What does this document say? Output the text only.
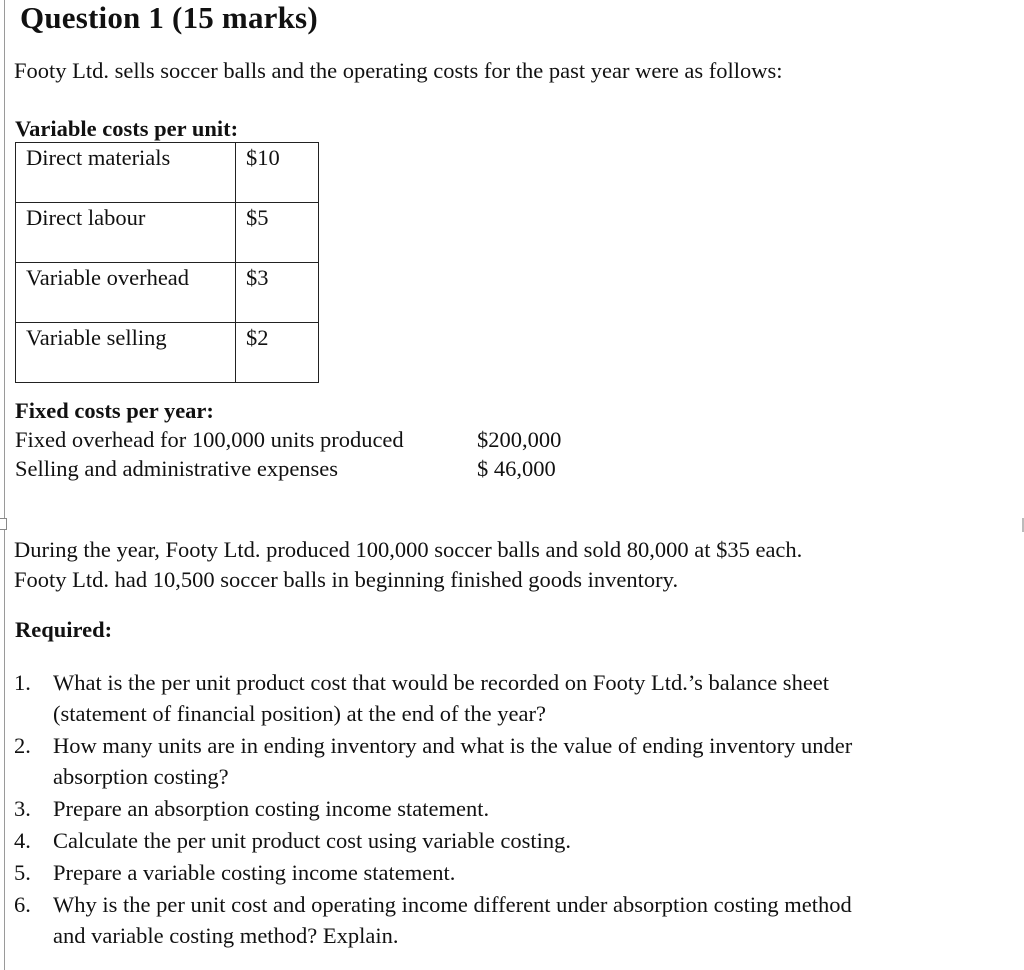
Question 1 (15 marks)
Footy Ltd. sells soccer balls and the operating costs for the past year were as follows:
Variable costs per unit:
Direct materials	$10
Direct labour	$5
Variable overhead	$3
Variable selling	$2
Fixed costs per year:
Fixed overhead for 100,000 units produced	$200,000
Selling and administrative expenses	$ 46,000
During the year, Footy Ltd. produced 100,000 soccer balls and sold 80,000 at $35 each.
Footy Ltd. had 10,500 soccer balls in beginning finished goods inventory.
Required:
1. What is the per unit product cost that would be recorded on Footy Ltd.’s balance sheet
(statement of financial position) at the end of the year?
2. How many units are in ending inventory and what is the value of ending inventory under
absorption costing?
3. Prepare an absorption costing income statement.
4. Calculate the per unit product cost using variable costing.
5. Prepare a variable costing income statement.
6. Why is the per unit cost and operating income different under absorption costing method
and variable costing method? Explain.
